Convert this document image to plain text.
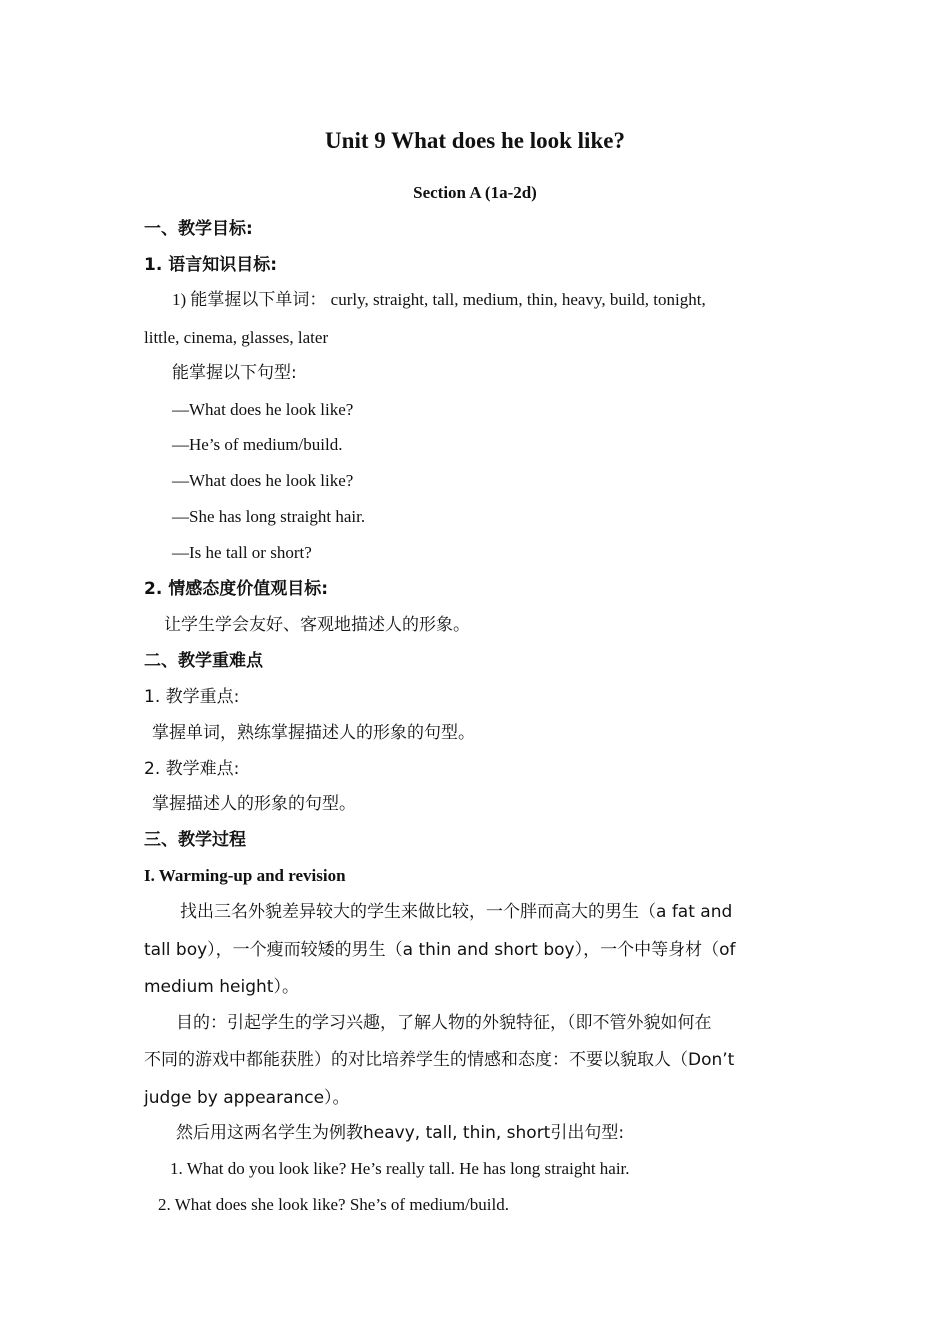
Unit 9 What does he look like?
Section A (1a-2d)
一、教学目标:
1. 语言知识目标:
1) 能掌握以下单词： curly, straight, tall, medium, thin, heavy, build, tonight,
little, cinema, glasses, later
能掌握以下句型:
—What does he look like?
—He’s of medium/build.
—What does he look like?
—She has long straight hair.
—Is he tall or short?
2. 情感态度价值观目标:
让学生学会友好、客观地描述人的形象。
二、教学重难点
1. 教学重点:
掌握单词，熟练掌握描述人的形象的句型。
2. 教学难点:
掌握描述人的形象的句型。
三、教学过程
I. Warming-up and revision
找出三名外貌差异较大的学生来做比较，一个胖而高大的男生（a fat and
tall boy），一个瘦而较矮的男生（a thin and short boy），一个中等身材（of
medium height）。
目的：引起学生的学习兴趣，了解人物的外貌特征，（即不管外貌如何在
不同的游戏中都能获胜）的对比培养学生的情感和态度：不要以貌取人（Don’t
judge by appearance）。
然后用这两名学生为例教heavy, tall, thin, short引出句型:
1. What do you look like? He’s really tall. He has long straight hair.
2. What does she look like? She’s of medium/build.
